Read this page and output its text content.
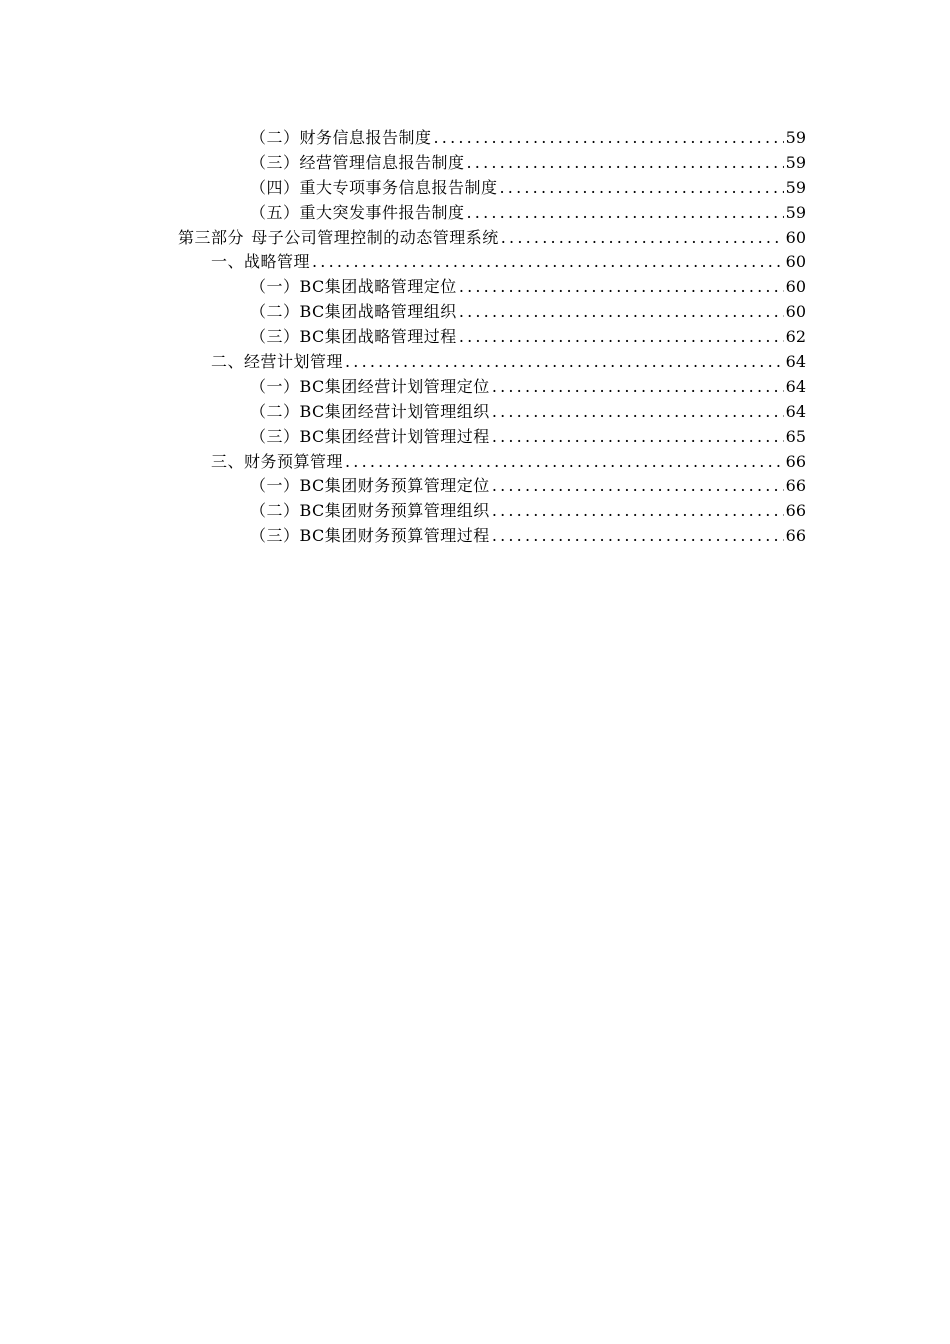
（二）财务信息报告制度 .....	59
（三）经营管理信息报告制度 .....	59
（四）重大专项事务信息报告制度 .....	59
（五）重大突发事件报告制度 .....	59
第三部分 母子公司管理控制的动态管理系统 .....	60
一、战略管理 .....	60
（一）BC集团战略管理定位 .....	60
（二）BC集团战略管理组织 .....	60
（三）BC集团战略管理过程 .....	62
二、经营计划管理 .....	64
（一）BC集团经营计划管理定位 .....	64
（二）BC集团经营计划管理组织 .....	64
（三）BC集团经营计划管理过程 .....	65
三、财务预算管理 .....	66
（一）BC集团财务预算管理定位 .....	66
（二）BC集团财务预算管理组织 .....	66
（三）BC集团财务预算管理过程 .....	66
